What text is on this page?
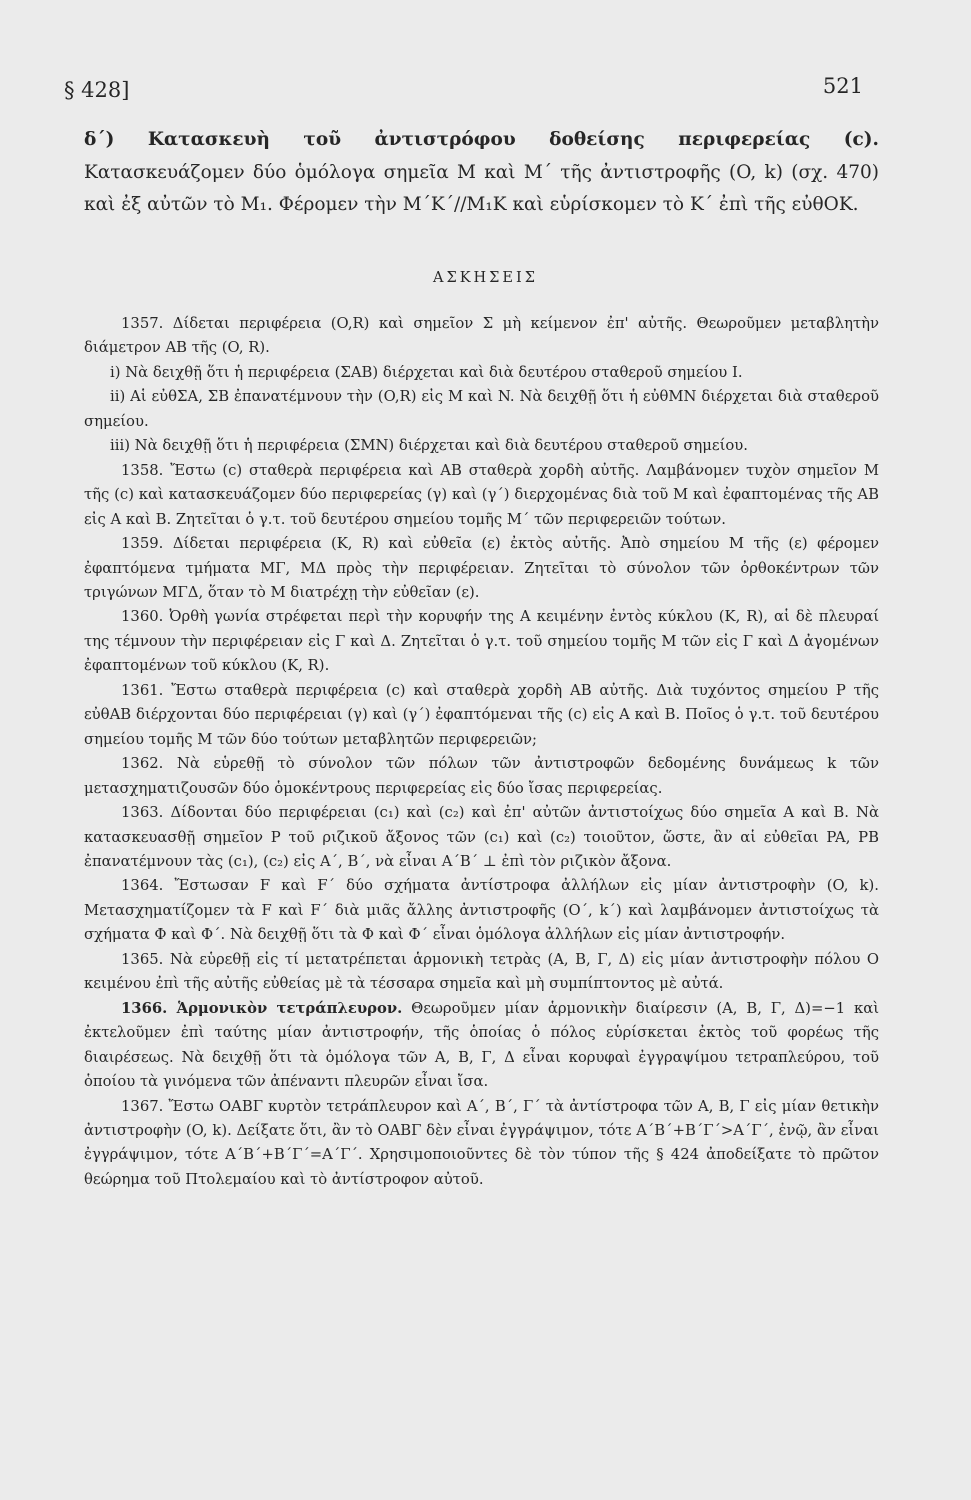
§ 428]	521
δ΄) Κατασκευὴ τοῦ ἀντιστρόφου δοθείσης περιφερείας (c). Κατασκευάζομεν δύο ὁμόλογα σημεῖα M καὶ M΄ τῆς ἀντιστροφῆς (O, k) (σχ. 470) καὶ ἐξ αὐτῶν τὸ M₁. Φέρομεν τὴν M΄K΄//M₁K καὶ εὑρίσκομεν τὸ K΄ ἐπὶ τῆς εὐθOK.
ΑΣΚΗΣΕΙΣ

1357. Δίδεται περιφέρεια (O,R) καὶ σημεῖον Σ μὴ κείμενον ἐπ' αὐτῆς. Θεωροῦμεν μεταβλητὴν διάμετρον AB τῆς (O, R).

i) Νὰ δειχθῇ ὅτι ἡ περιφέρεια (ΣAB) διέρχεται καὶ διὰ δευτέρου σταθεροῦ σημείου I.

ii) Αἱ εὐθΣA, ΣB ἐπανατέμνουν τὴν (O,R) εἰς M καὶ N. Νὰ δειχθῇ ὅτι ἡ εὐθMN διέρχεται διὰ σταθεροῦ σημείου.

iii) Νὰ δειχθῇ ὅτι ἡ περιφέρεια (ΣMN) διέρχεται καὶ διὰ δευτέρου σταθεροῦ σημείου.

1358. Ἔστω (c) σταθερὰ περιφέρεια καὶ AB σταθερὰ χορδὴ αὐτῆς. Λαμβάνομεν τυχὸν σημεῖον M τῆς (c) καὶ κατασκευάζομεν δύο περιφερείας (γ) καὶ (γ΄) διερχομένας διὰ τοῦ M καὶ ἐφαπτομένας τῆς AB εἰς A καὶ B. Ζητεῖται ὁ γ.τ. τοῦ δευτέρου σημείου τομῆς M΄ τῶν περιφερειῶν τούτων.

1359. Δίδεται περιφέρεια (K, R) καὶ εὐθεῖα (ε) ἐκτὸς αὐτῆς. Ἀπὸ σημείου M τῆς (ε) φέρομεν ἐφαπτόμενα τμήματα MΓ, MΔ πρὸς τὴν περιφέρειαν. Ζητεῖται τὸ σύνολον τῶν ὀρθοκέντρων τῶν τριγώνων MΓΔ, ὅταν τὸ M διατρέχῃ τὴν εὐθεῖαν (ε).

1360. Ὀρθὴ γωνία στρέφεται περὶ τὴν κορυφήν της A κειμένην ἐντὸς κύκλου (K, R), αἱ δὲ πλευραί της τέμνουν τὴν περιφέρειαν εἰς Γ καὶ Δ. Ζητεῖται ὁ γ.τ. τοῦ σημείου τομῆς M τῶν εἰς Γ καὶ Δ ἀγομένων ἐφαπτομένων τοῦ κύκλου (K, R).

1361. Ἔστω σταθερὰ περιφέρεια (c) καὶ σταθερὰ χορδὴ AB αὐτῆς. Διὰ τυχόντος σημείου P τῆς εὐθAB διέρχονται δύο περιφέρειαι (γ) καὶ (γ΄) ἐφαπτόμεναι τῆς (c) εἰς A καὶ B. Ποῖος ὁ γ.τ. τοῦ δευτέρου σημείου τομῆς M τῶν δύο τούτων μεταβλητῶν περιφερειῶν;

1362. Νὰ εὑρεθῇ τὸ σύνολον τῶν πόλων τῶν ἀντιστροφῶν δεδομένης δυνάμεως k τῶν μετασχηματιζουσῶν δύο ὁμοκέντρους περιφερείας εἰς δύο ἴσας περιφερείας.

1363. Δίδονται δύο περιφέρειαι (c₁) καὶ (c₂) καὶ ἐπ' αὐτῶν ἀντιστοίχως δύο σημεῖα A καὶ B. Νὰ κατασκευασθῇ σημεῖον P τοῦ ριζικοῦ ἄξονος τῶν (c₁) καὶ (c₂) τοιοῦτον, ὥστε, ἂν αἱ εὐθεῖαι PA, PB ἐπανατέμνουν τὰς (c₁), (c₂) εἰς A΄, B΄, νὰ εἶναι A΄B΄ ⊥ ἐπὶ τὸν ριζικὸν ἄξονα.

1364. Ἔστωσαν F καὶ F΄ δύο σχήματα ἀντίστροφα ἀλλήλων εἰς μίαν ἀντιστροφὴν (O, k). Μετασχηματίζομεν τὰ F καὶ F΄ διὰ μιᾶς ἄλλης ἀντιστροφῆς (O΄, k΄) καὶ λαμβάνομεν ἀντιστοίχως τὰ σχήματα Φ καὶ Φ΄. Νὰ δειχθῇ ὅτι τὰ Φ καὶ Φ΄ εἶναι ὁμόλογα ἀλλήλων εἰς μίαν ἀντιστροφήν.

1365. Νὰ εὑρεθῇ εἰς τί μετατρέπεται ἁρμονικὴ τετρὰς (A, B, Γ, Δ) εἰς μίαν ἀντιστροφὴν πόλου O κειμένου ἐπὶ τῆς αὐτῆς εὐθείας μὲ τὰ τέσσαρα σημεῖα καὶ μὴ συμπίπτοντος μὲ αὐτά.

1366. Ἁρμονικὸν τετράπλευρον. Θεωροῦμεν μίαν ἁρμονικὴν διαίρεσιν (A, B, Γ, Δ)=−1 καὶ ἐκτελοῦμεν ἐπὶ ταύτης μίαν ἀντιστροφήν, τῆς ὁποίας ὁ πόλος εὑρίσκεται ἐκτὸς τοῦ φορέως τῆς διαιρέσεως. Νὰ δειχθῇ ὅτι τὰ ὁμόλογα τῶν A, B, Γ, Δ εἶναι κορυφαὶ ἐγγραψίμου τετραπλεύρου, τοῦ ὁποίου τὰ γινόμενα τῶν ἀπέναντι πλευρῶν εἶναι ἴσα.

1367. Ἔστω OABΓ κυρτὸν τετράπλευρον καὶ A΄, B΄, Γ΄ τὰ ἀντίστροφα τῶν A, B, Γ εἰς μίαν θετικὴν ἀντιστροφὴν (O, k). Δείξατε ὅτι, ἂν τὸ OABΓ δὲν εἶναι ἐγγράψιμον, τότε A΄B΄+B΄Γ΄>A΄Γ΄, ἐνῷ, ἂν εἶναι ἐγγράψιμον, τότε A΄B΄+B΄Γ΄=A΄Γ΄. Χρησιμοποιοῦντες δὲ τὸν τύπον τῆς § 424 ἀποδείξατε τὸ πρῶτον θεώρημα τοῦ Πτολεμαίου καὶ τὸ ἀντίστροφον αὐτοῦ.
